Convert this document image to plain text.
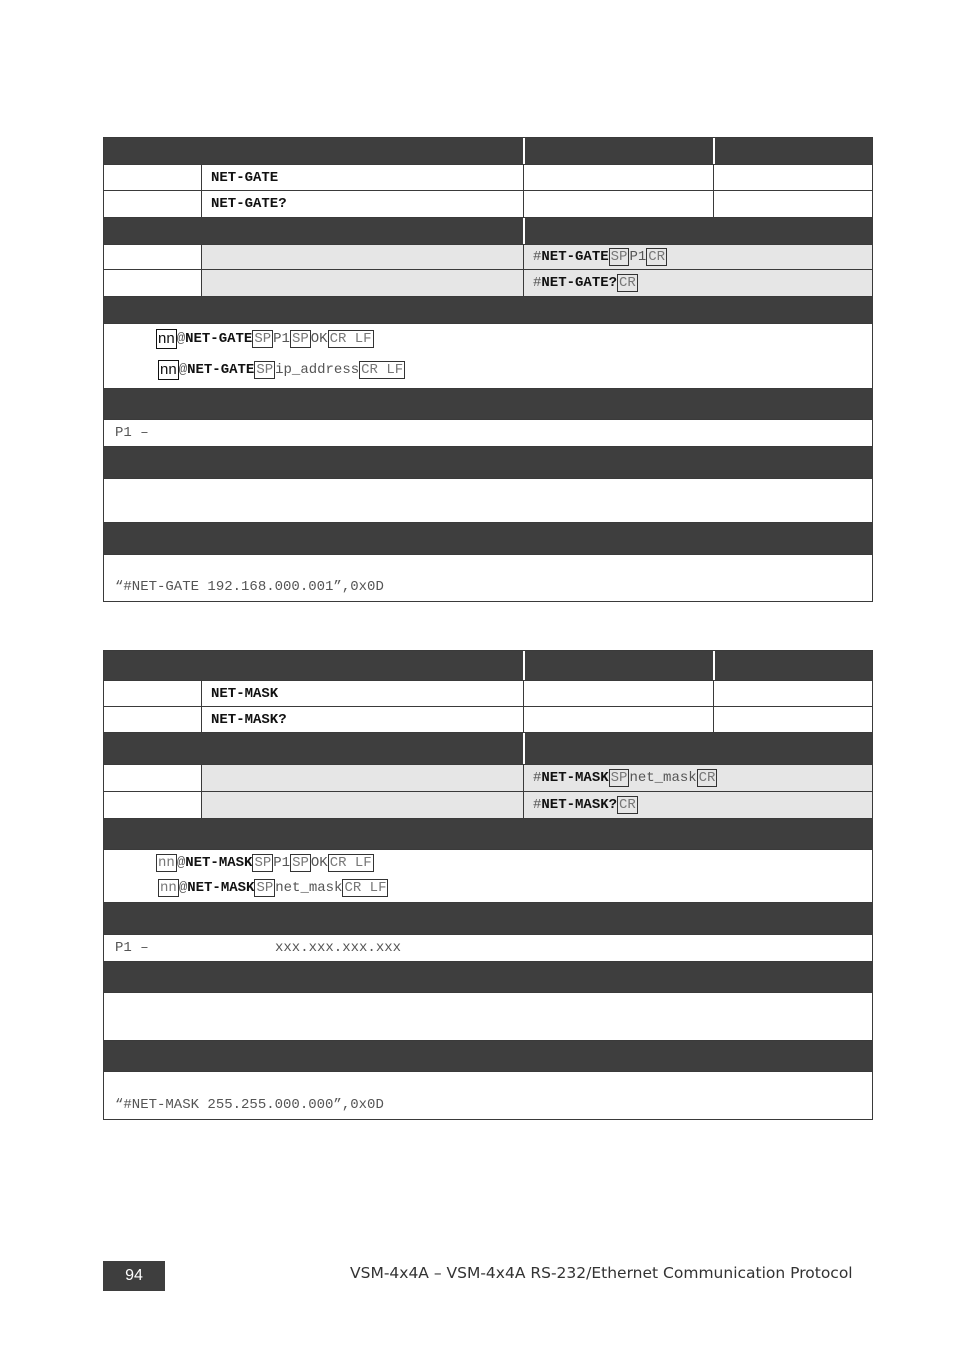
NET-GATE
NET-GATE?
# NET-GATE SP P1 CR
# NET-GATE? CR
nn @ NET-GATE SP P1 SP OK CR LF
nn @ NET-GATE SP ip_address CR LF
P1 –
“#NET-GATE 192.168.000.001”,0x0D
NET-MASK
NET-MASK?
# NET-MASK SP net_mask CR
# NET-MASK? CR
nn @ NET-MASK SP P1 SP OK CR LF
nn @ NET-MASK SP net_mask CR LF
P1 –	xxx.xxx.xxx.xxx
“#NET-MASK 255.255.000.000”,0x0D
94	VSM-4x4A – VSM-4x4A RS-232/Ethernet Communication Protocol
